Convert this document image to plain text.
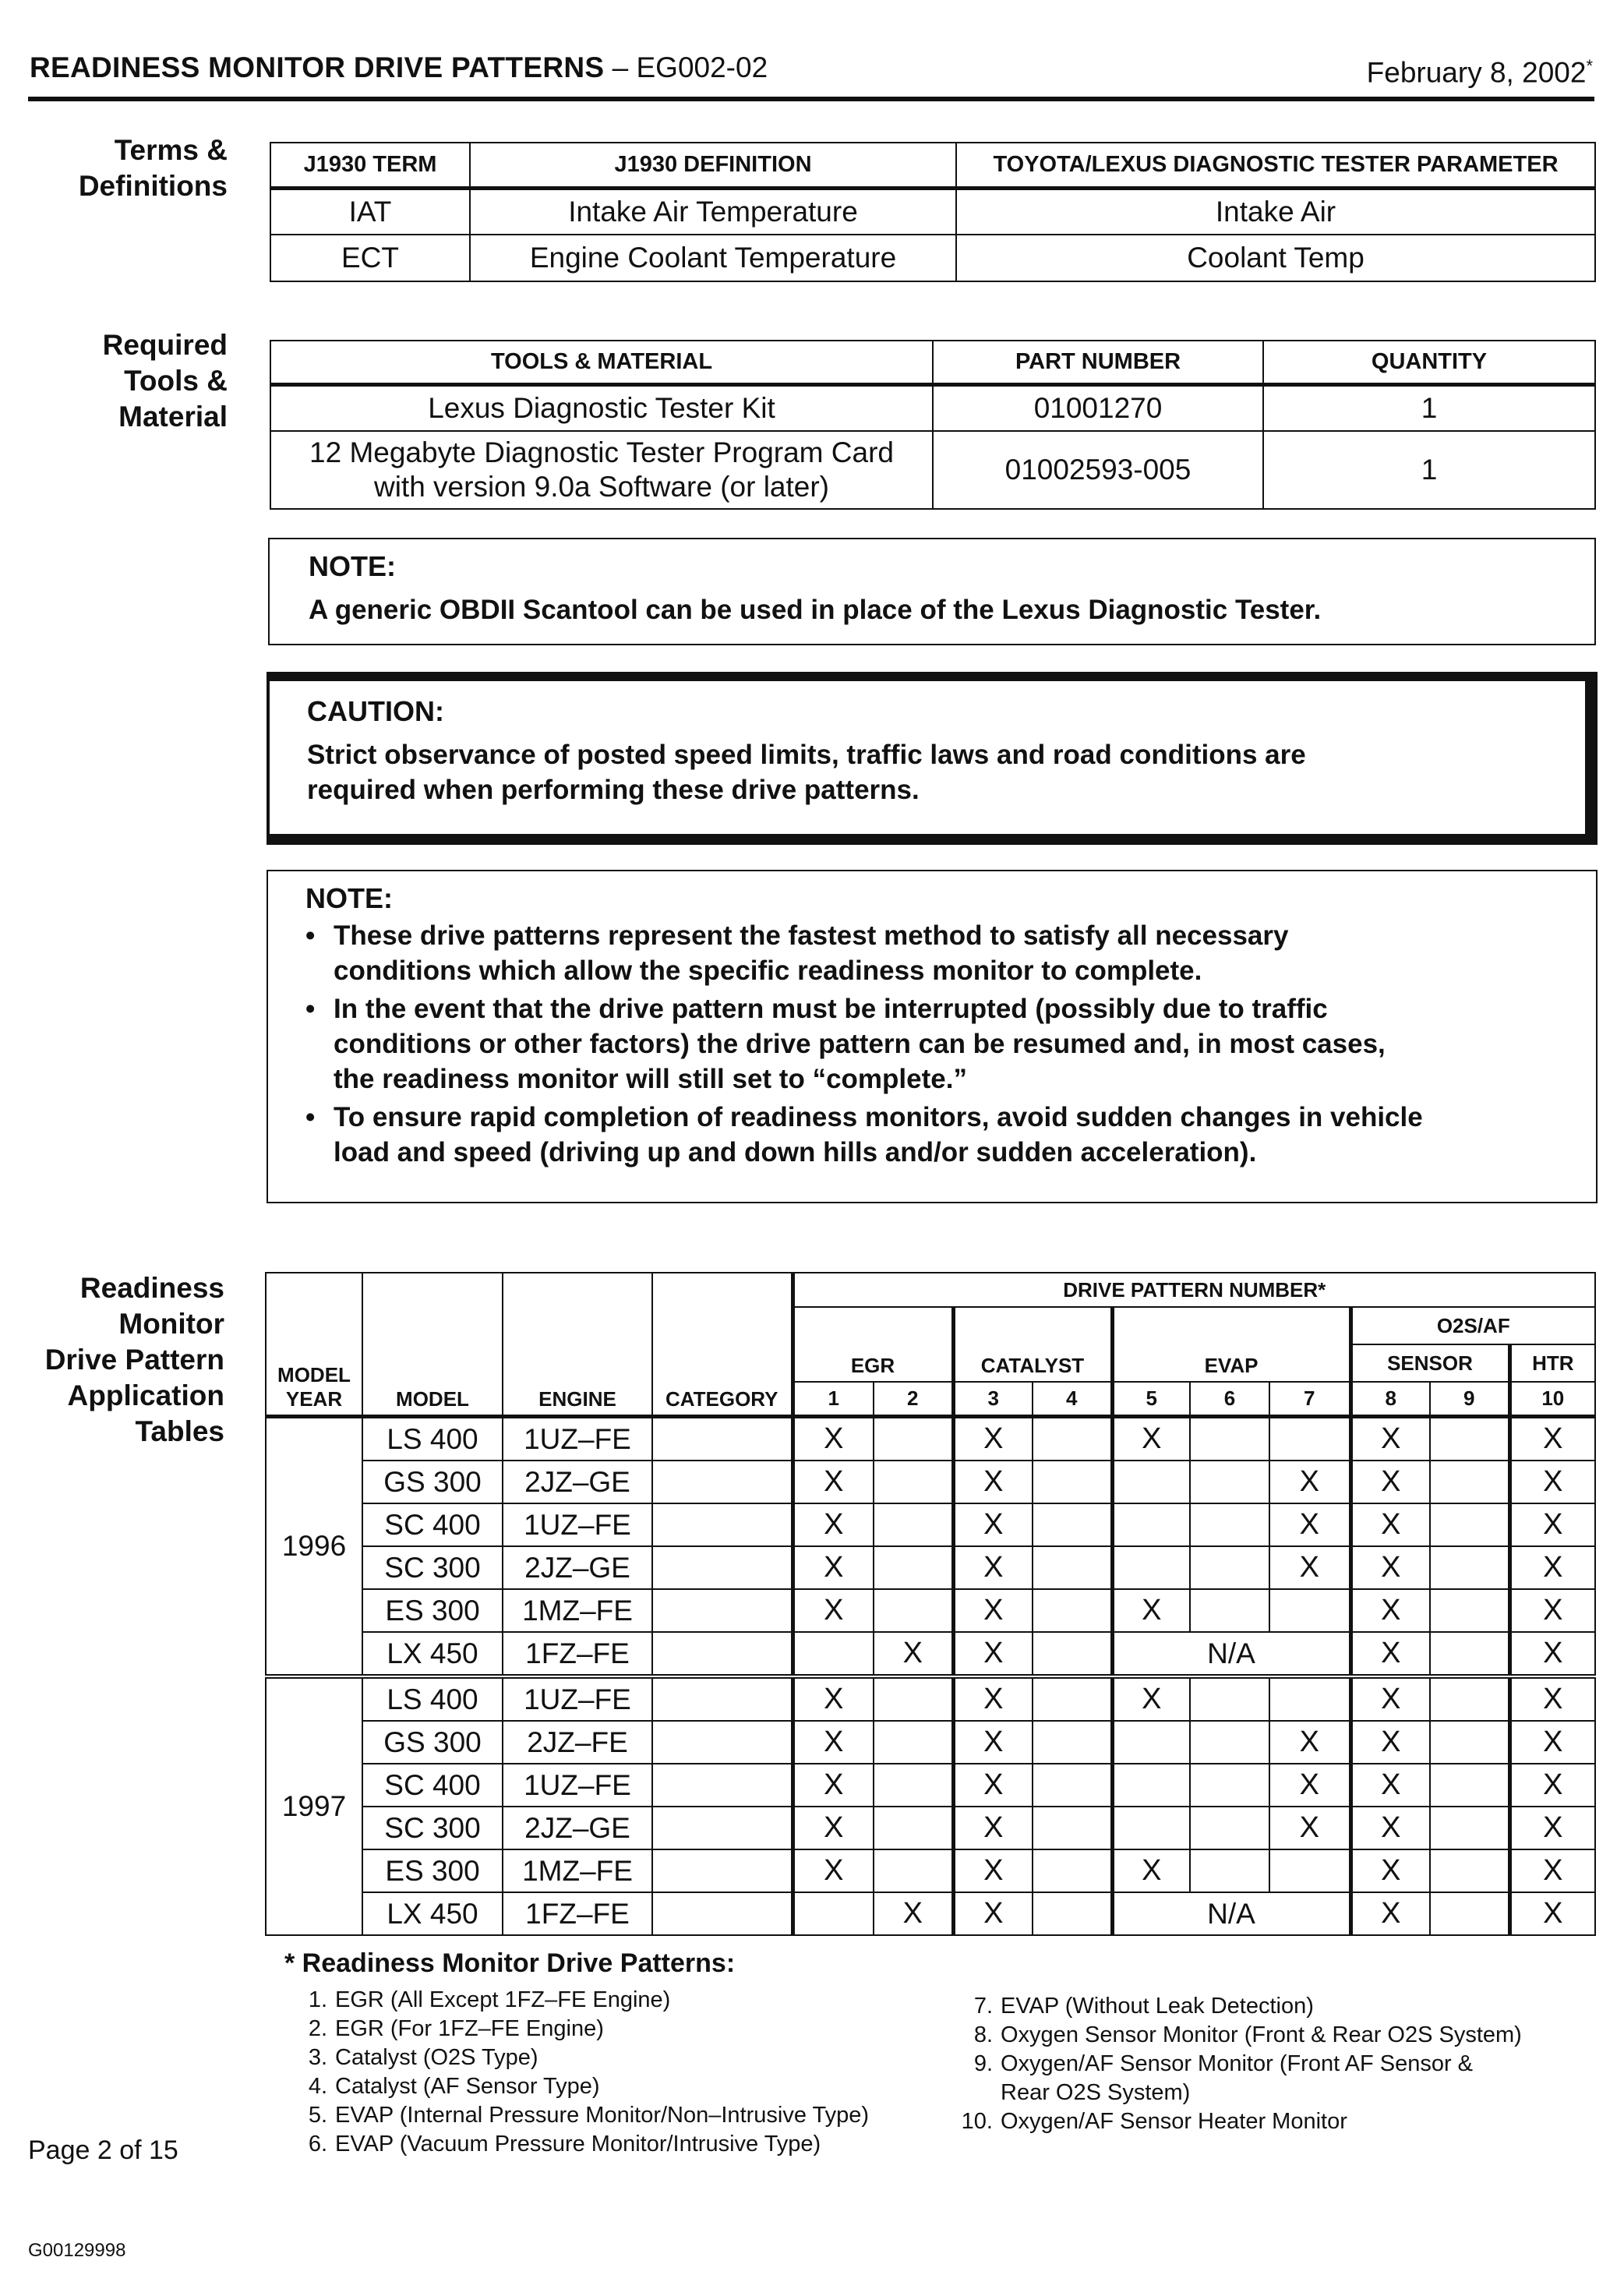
READINESS MONITOR DRIVE PATTERNS – EG002-02	February 8, 2002*
Terms &
Definitions
Required
Tools &
Material
Readiness
Monitor
Drive Pattern
Application
Tables
J1930 TERM	J1930 DEFINITION	TOYOTA/LEXUS DIAGNOSTIC TESTER PARAMETER
IAT	Intake Air Temperature	Intake Air
ECT	Engine Coolant Temperature	Coolant Temp
TOOLS & MATERIAL	PART NUMBER	QUANTITY
Lexus Diagnostic Tester Kit	01001270	1

12 Megabyte Diagnostic Tester Program Card
with version 9.0a Software (or later)	01002593-005	1
NOTE:
A generic OBDII Scantool can be used in place of the Lexus Diagnostic Tester.
CAUTION:
Strict observance of posted speed limits, traffic laws and road conditions are
required when performing these drive patterns.
NOTE:
• These drive patterns represent the fastest method to satisfy all necessary
conditions which allow the specific readiness monitor to complete.
• In the event that the drive pattern must be interrupted (possibly due to traffic
conditions or other factors) the drive pattern can be resumed and, in most cases,
the readiness monitor will still set to “complete.”
• To ensure rapid completion of readiness monitors, avoid sudden changes in vehicle
load and speed (driving up and down hills and/or sudden acceleration).
MODEL
YEAR	MODEL	ENGINE	CATEGORY	DRIVE PATTERN NUMBER*									
				EGR		CATALYST		EVAP			O2S/AF		
											SENSOR		HTR
				1	2	3	4	5	6	7	8	9	10
1996	LS 400	1UZ–FE		X		X		X			X		X
	GS 300	2JZ–GE		X		X				X	X		X
	SC 400	1UZ–FE		X		X				X	X		X
	SC 300	2JZ–GE		X		X				X	X		X
	ES 300	1MZ–FE		X		X		X			X		X
	LX 450	1FZ–FE			X	X		N/A			X		X
1997	LS 400	1UZ–FE		X		X		X			X		X
	GS 300	2JZ–FE		X		X				X	X		X
	SC 400	1UZ–FE		X		X				X	X		X
	SC 300	2JZ–GE		X		X				X	X		X
	ES 300	1MZ–FE		X		X		X			X		X
	LX 450	1FZ–FE			X	X		N/A			X		X
* Readiness Monitor Drive Patterns:
1. EGR (All Except 1FZ–FE Engine)
2. EGR (For 1FZ–FE Engine)
3. Catalyst (O2S Type)
4. Catalyst (AF Sensor Type)
5. EVAP (Internal Pressure Monitor/Non–Intrusive Type)
6. EVAP (Vacuum Pressure Monitor/Intrusive Type)
7. EVAP (Without Leak Detection)
8. Oxygen Sensor Monitor (Front & Rear O2S System)
9. Oxygen/AF Sensor Monitor (Front AF Sensor &
Rear O2S System)
10. Oxygen/AF Sensor Heater Monitor
Page 2 of 15
G00129998
